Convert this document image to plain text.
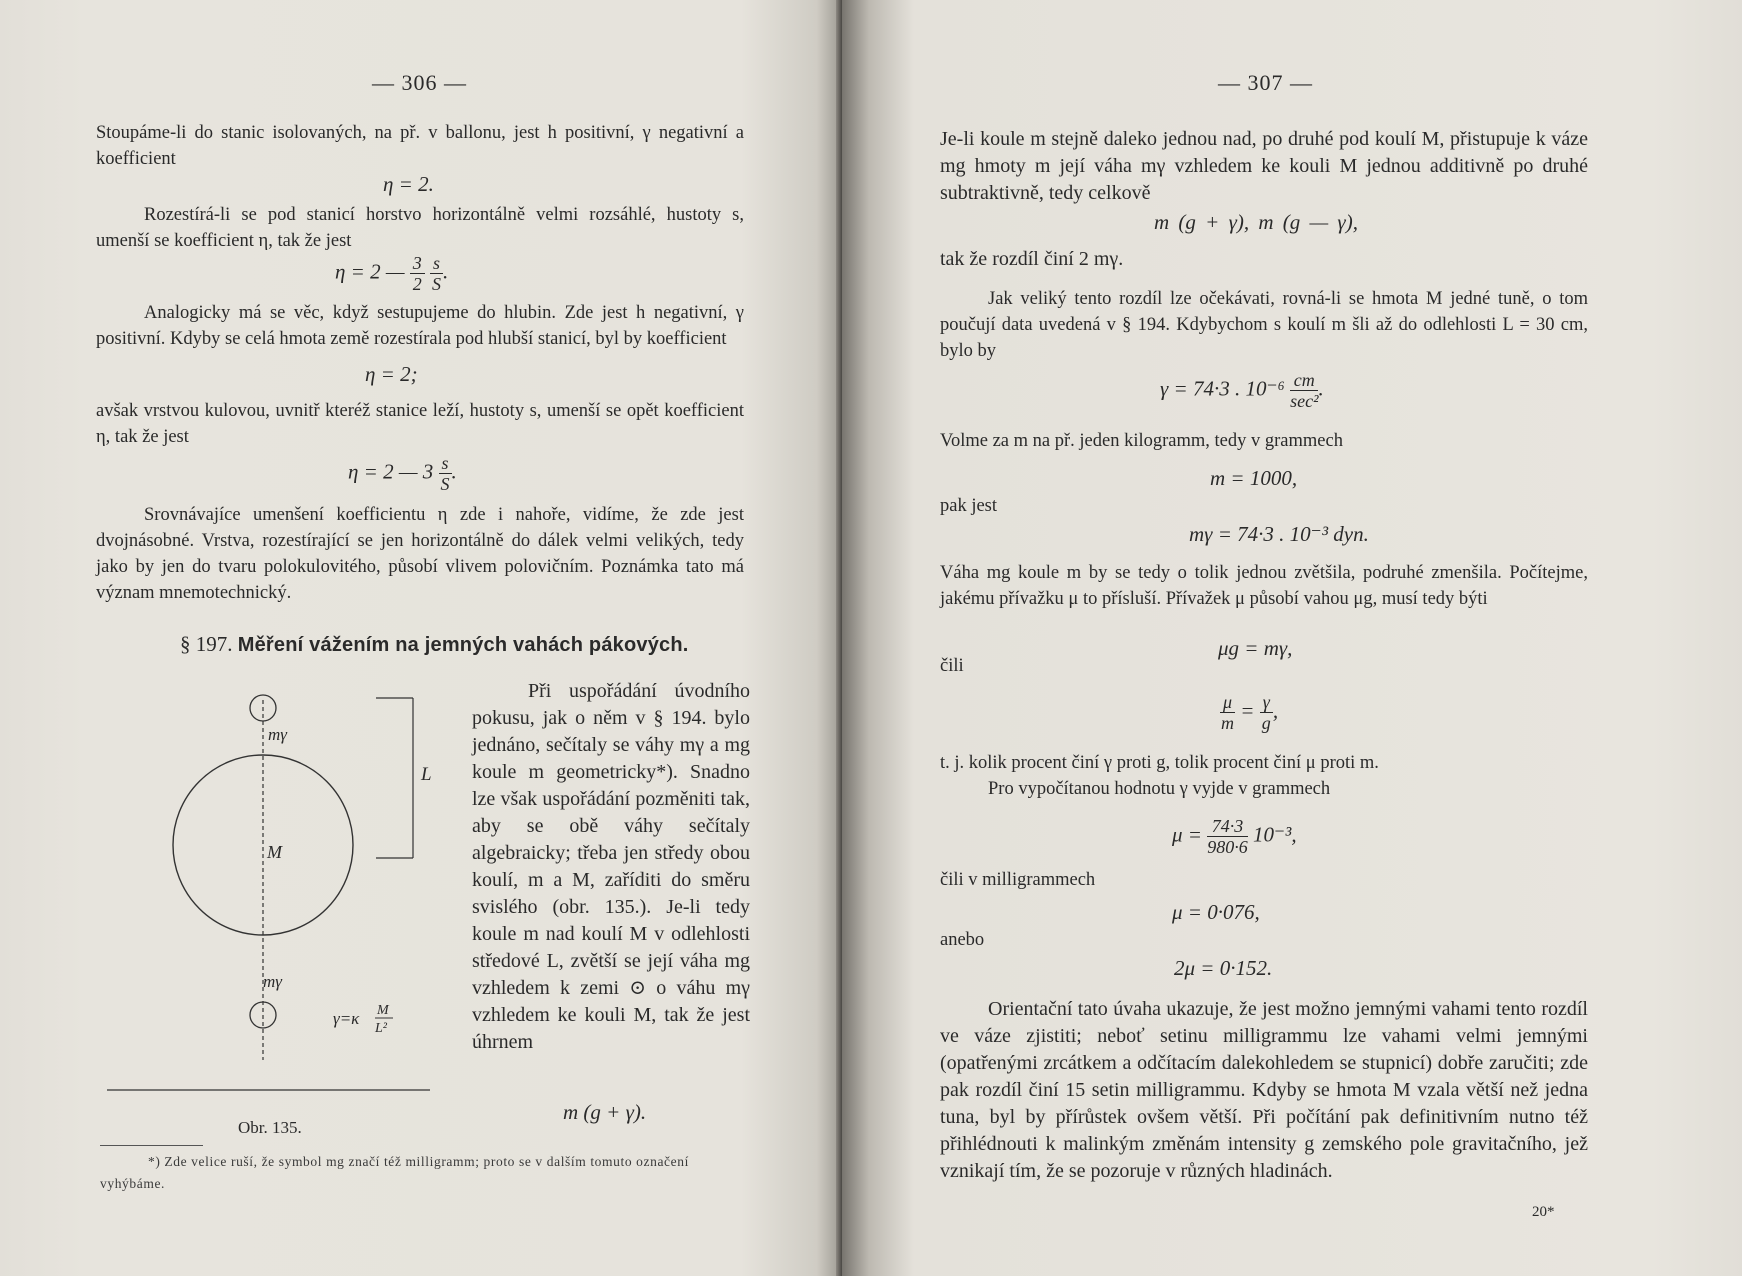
— 306 —
Stoupáme-li do stanic isolovaných, na př. v ballonu, jest h positivní, γ negativní a koefficient
η = 2.
Rozestírá-li se pod stanicí horstvo horizontálně velmi rozsáhlé, hustoty s, umenší se koefficient η, tak že jest
η = 2 — $\frac{3}{2}$
$\frac{s}{S}$ .
Analogicky má se věc, když sestupujeme do hlubin. Zde jest h negativní, γ positivní. Kdyby se celá hmota země rozestírala pod hlubší stanicí, byl by koefficient
η = 2;
avšak vrstvou kulovou, uvnitř kteréž stanice leží, hustoty s, umenší se opět koefficient η, tak že jest
η = 2 — $3 \frac{s}{S}$ .
Srovnávajíce umenšení koefficientu η zde i nahoře, vidíme, že zde jest dvojnásobné. Vrstva, rozestírající se jen horizontálně do dálek velmi velikých, tedy jako by jen do tvaru polokulovitého, působí vlivem polovičním. Poznámka tato má význam mnemotechnický.
§ 197. Měření vážením na jemných vahách pákových.
mγ
L
M
mγ
γ=κ M
L²
Obr. 135.

Při uspořádání úvodního pokusu, jak o něm v § 194. bylo jednáno, sečítaly se váhy mγ a mg koule m geometricky*). Snadno lze však uspořádání pozměniti tak, aby se obě váhy sečítaly algebraicky; třeba jen středy obou koulí, m a M, zaříditi do směru svislého (obr. 135.). Je-li tedy koule m nad koulí M v odlehlosti středové L, zvětší se její váha mg vzhledem k zemi ⊙ o váhu mγ vzhledem ke kouli M, tak že jest úhrnem

m (g + γ).
*) Zde velice ruší, že symbol mg značí též milligramm; proto se v dalším tomuto označení vyhýbáme.
— 307 —
Je-li koule m stejně daleko jednou nad, po druhé pod koulí M, přistupuje k váze mg hmoty m její váha mγ vzhledem ke kouli M jednou additivně po druhé subtraktivně, tedy celkově
m (g + γ), m (g — γ),
tak že rozdíl činí 2 mγ.
Jak veliký tento rozdíl lze očekávati, rovná-li se hmota M jedné tuně, o tom poučují data uvedená v § 194. Kdybychom s koulí m šli až do odlehlosti L = 30 cm, bylo by
γ = 74·3 . $10^{-6} \frac{cm}{\text{sec²}}$ .
Volme za m na př. jeden kilogramm, tedy v grammech
m = 1000,
pak jest
mγ = 74·3 . 10⁻³ dyn.
Váha mg koule m by se tedy o tolik jednou zvětšila, podruhé zmenšila. Počítejme, jakému přívažku μ to přísluší. Přívažek μ působí vahou μg, musí tedy býti
μg = mγ,
čili
$\frac{\mu}{m} = \frac{\gamma}{g}$ ,
t. j. kolik procent činí γ proti g, tolik procent činí μ proti m.
Pro vypočítanou hodnotu γ vyjde v grammech
$\mu = \frac{74\cdot 3}{980\cdot 6} 10^{-3}$,
čili v milligrammech
μ = 0·076,
anebo
2μ = 0·152.
Orientační tato úvaha ukazuje, že jest možno jemnými vahami tento rozdíl ve váze zjistiti; neboť setinu milligrammu lze vahami velmi jemnými (opatřenými zrcátkem a odčítacím dalekohledem se stupnicí) dobře zaručiti; zde pak rozdíl činí 15 setin milligrammu. Kdyby se hmota M vzala větší než jedna tuna, byl by přírůstek ovšem větší. Při počítání pak definitivním nutno též přihlédnouti k malinkým změnám intensity g zemského pole gravitačního, jež vznikají tím, že se pozoruje v různých hladinách.
20*
